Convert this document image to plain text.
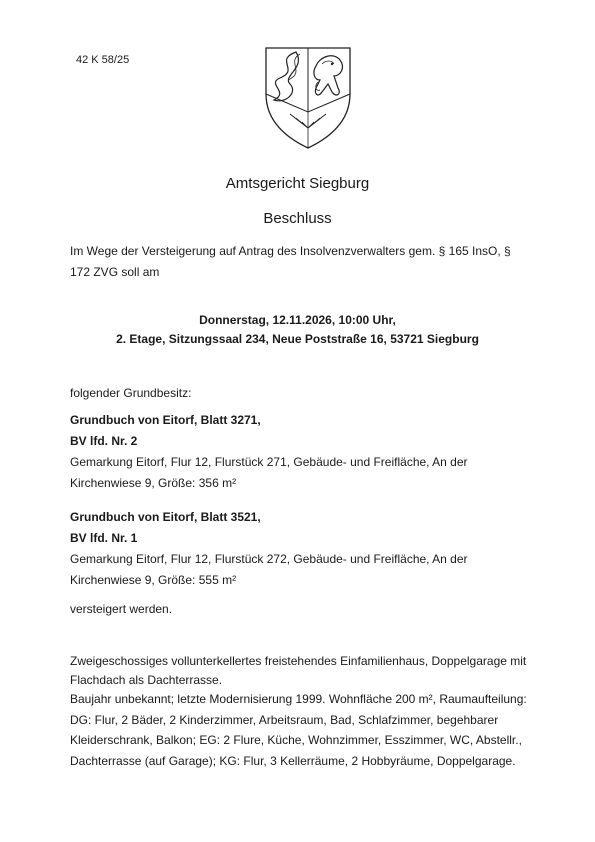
42 K 58/25
Amtsgericht Siegburg
Beschluss

Im Wege der Versteigerung auf Antrag des Insolvenzverwalters gem. § 165 InsO, § 172 ZVG soll am

Donnerstag, 12.11.2026, 10:00 Uhr,
2. Etage, Sitzungssaal 234, Neue Poststraße 16, 53721 Siegburg
folgender Grundbesitz:
Grundbuch von Eitorf, Blatt 3271,
BV lfd. Nr. 2
Gemarkung Eitorf, Flur 12, Flurstück 271, Gebäude- und Freifläche, An der Kirchenwiese 9, Größe: 356 m²
Grundbuch von Eitorf, Blatt 3521,
BV lfd. Nr. 1
Gemarkung Eitorf, Flur 12, Flurstück 272, Gebäude- und Freifläche, An der Kirchenwiese 9, Größe: 555 m²
versteigert werden.

Zweigeschossiges vollunterkellertes freistehendes Einfamilienhaus, Doppelgarage mit Flachdach als Dachterrasse.

Baujahr unbekannt; letzte Modernisierung 1999. Wohnfläche 200 m², Raumaufteilung: DG: Flur, 2 Bäder, 2 Kinderzimmer, Arbeitsraum, Bad, Schlafzimmer, begehbarer Kleiderschrank, Balkon; EG: 2 Flure, Küche, Wohnzimmer, Esszimmer, WC, Abstellr., Dachterrasse (auf Garage); KG: Flur, 3 Kellerräume, 2 Hobbyräume, Doppelgarage.
